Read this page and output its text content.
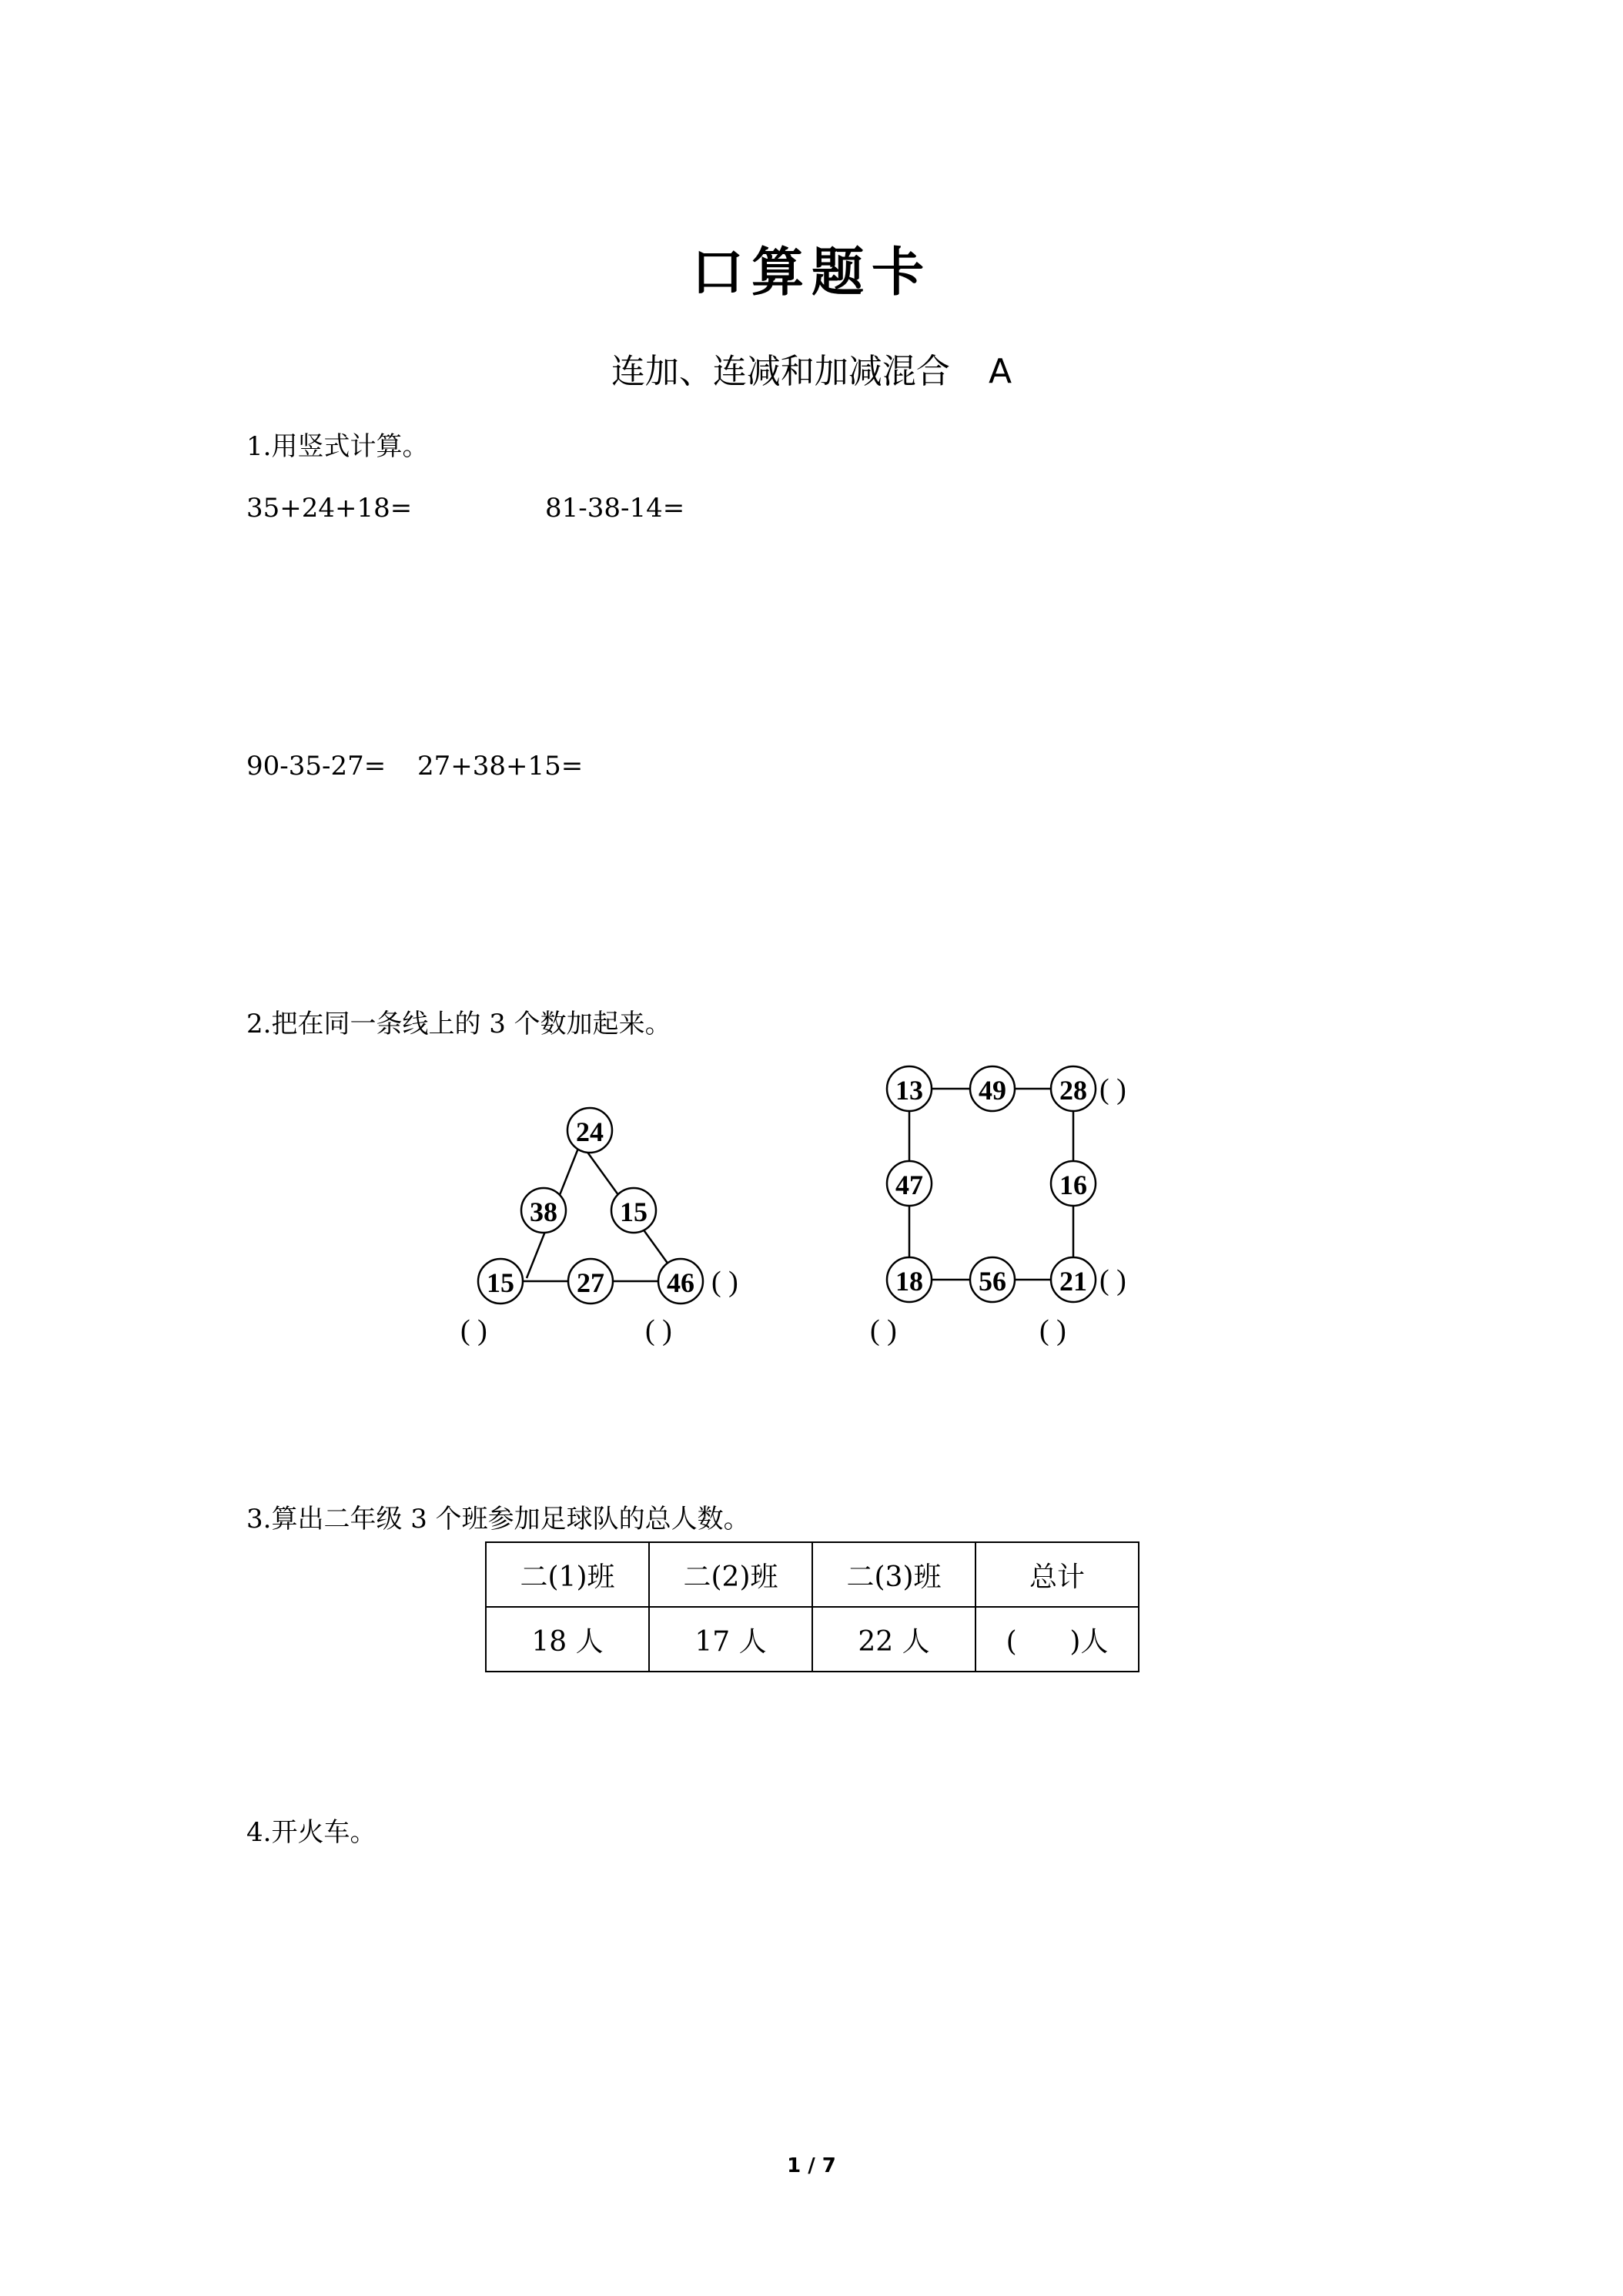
口算题卡
连加、连减和加减混合 A
1.用竖式计算。
35+24+18=	81-38-14=
90-35-27= 27+38+15=
2.把在同一条线上的 3 个数加起来。
24
38 15
15 27 46
13 49 28
47	16
18 56 21
( )
( )	( )
( )
( )
( )	( )
3.算出二年级 3 个班参加足球队的总人数。
二(1)班	二(2)班	二(3)班	总计
18 人	17 人	22 人	(      )人
4.开火车。
1 / 7
